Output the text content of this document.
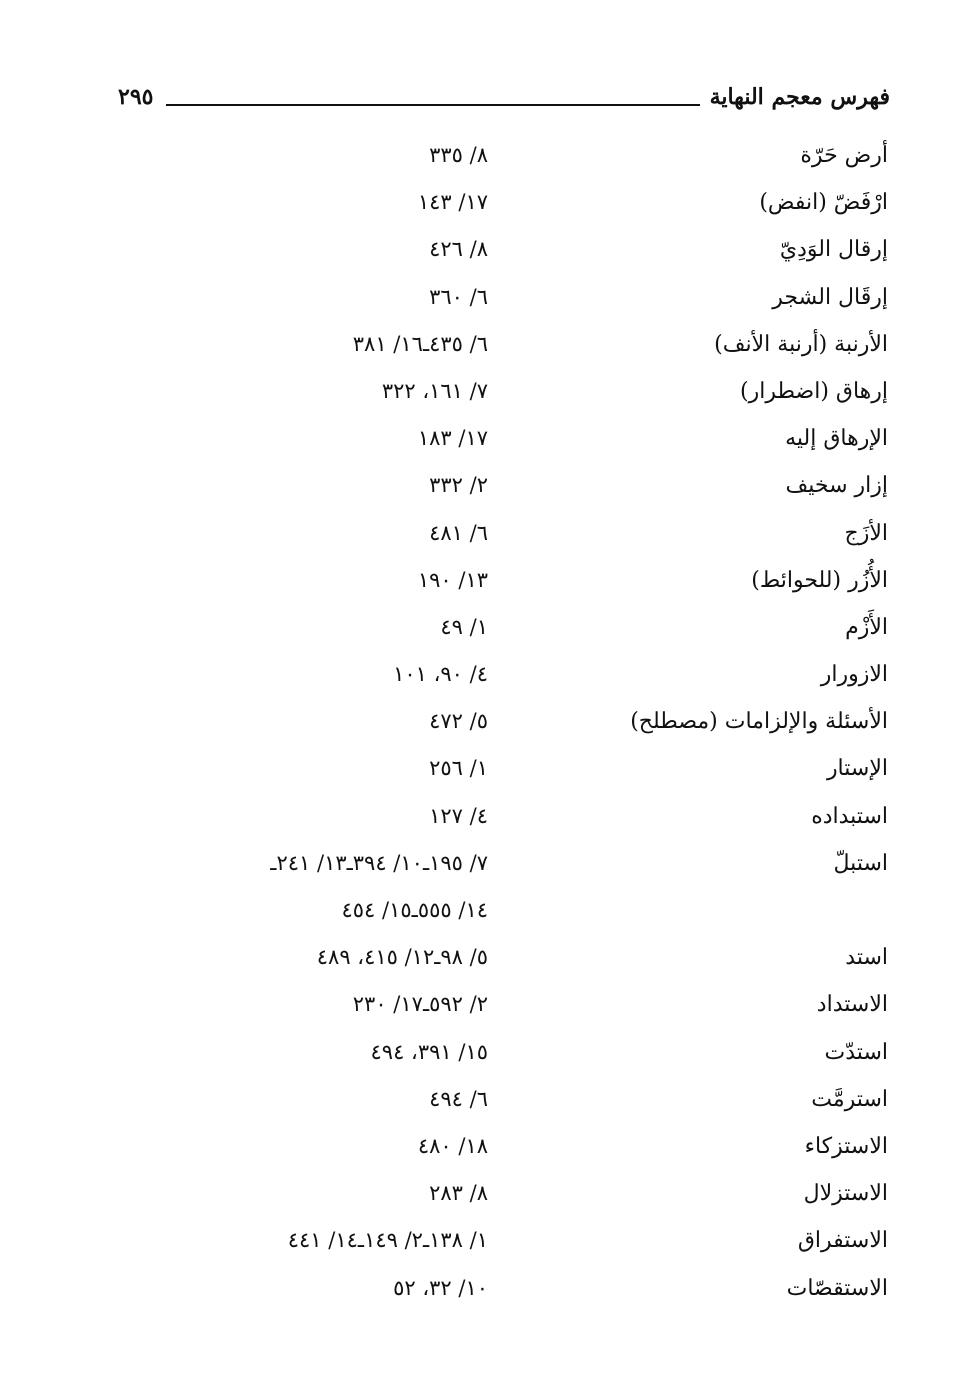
٢٩٥	فهرس معجم النهاية
أرض حَرّة
٨/ ٣٣٥
ارْفَضّ (انفض)
١٧/ ١٤٣
إرقال الوَدِيّ
٨/ ٤٢٦
إرقَال الشجر
٦/ ٣٦٠
الأرنبة (أرنبة الأنف)
٦/ ٤٣٥ـ١٦/ ٣٨١
إرهاق (اضطرار)
٧/ ١٦١، ٣٢٢
الإرهاق إليه
١٧/ ١٨٣
إزار سخيف
٢/ ٣٣٢
الأزَج
٦/ ٤٨١
الأُزُر (للحوائط)
١٣/ ١٩٠
الأَزْم
١/ ٤٩
الازورار
٤/ ٩٠، ١٠١
الأسئلة والإلزامات (مصطلح)
٥/ ٤٧٢
الإستار
١/ ٢٥٦
استبداده
٤/ ١٢٧
استبلّ
٧/ ١٩٥ـ١٠/ ٣٩٤ـ١٣/ ٢٤١ـ
١٤/ ٥٥٥ـ١٥/ ٤٥٤
استد
٥/ ٩٨ـ١٢/ ٤١٥، ٤٨٩
الاستداد
٢/ ٥٩٢ـ١٧/ ٢٣٠
استدّت
١٥/ ٣٩١، ٤٩٤
استرمَّت
٦/ ٤٩٤
الاستزكاء
١٨/ ٤٨٠
الاستزلال
٨/ ٢٨٣
الاستفراق
١/ ١٣٨ـ٢/ ١٤٩ـ١٤/ ٤٤١
الاستقصّات
١٠/ ٣٢، ٥٢
